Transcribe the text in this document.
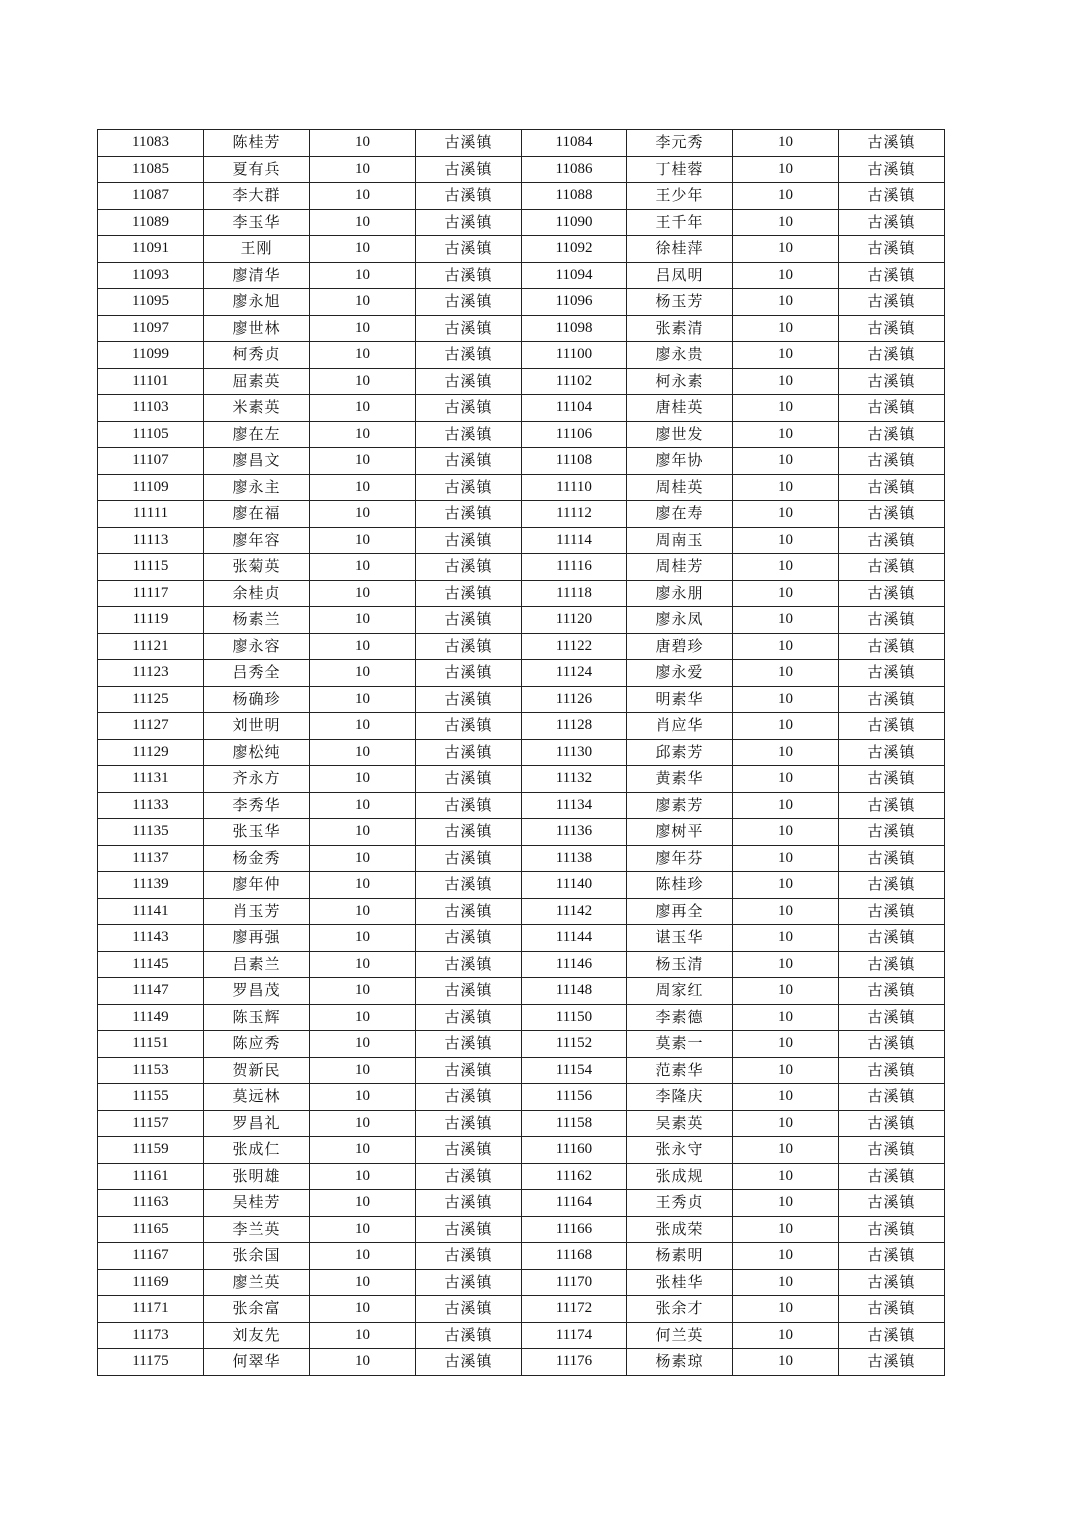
11083	陈桂芳	10	古溪镇	11084	李元秀	10	古溪镇
11085	夏有兵	10	古溪镇	11086	丁桂蓉	10	古溪镇
11087	李大群	10	古溪镇	11088	王少年	10	古溪镇
11089	李玉华	10	古溪镇	11090	王千年	10	古溪镇
11091	王刚	10	古溪镇	11092	徐桂萍	10	古溪镇
11093	廖清华	10	古溪镇	11094	吕凤明	10	古溪镇
11095	廖永旭	10	古溪镇	11096	杨玉芳	10	古溪镇
11097	廖世林	10	古溪镇	11098	张素清	10	古溪镇
11099	柯秀贞	10	古溪镇	11100	廖永贵	10	古溪镇
11101	屈素英	10	古溪镇	11102	柯永素	10	古溪镇
11103	米素英	10	古溪镇	11104	唐桂英	10	古溪镇
11105	廖在左	10	古溪镇	11106	廖世发	10	古溪镇
11107	廖昌文	10	古溪镇	11108	廖年协	10	古溪镇
11109	廖永主	10	古溪镇	11110	周桂英	10	古溪镇
11111	廖在福	10	古溪镇	11112	廖在寿	10	古溪镇
11113	廖年容	10	古溪镇	11114	周南玉	10	古溪镇
11115	张菊英	10	古溪镇	11116	周桂芳	10	古溪镇
11117	余桂贞	10	古溪镇	11118	廖永朋	10	古溪镇
11119	杨素兰	10	古溪镇	11120	廖永凤	10	古溪镇
11121	廖永容	10	古溪镇	11122	唐碧珍	10	古溪镇
11123	吕秀全	10	古溪镇	11124	廖永爱	10	古溪镇
11125	杨确珍	10	古溪镇	11126	明素华	10	古溪镇
11127	刘世明	10	古溪镇	11128	肖应华	10	古溪镇
11129	廖松纯	10	古溪镇	11130	邱素芳	10	古溪镇
11131	齐永方	10	古溪镇	11132	黄素华	10	古溪镇
11133	李秀华	10	古溪镇	11134	廖素芳	10	古溪镇
11135	张玉华	10	古溪镇	11136	廖树平	10	古溪镇
11137	杨金秀	10	古溪镇	11138	廖年芬	10	古溪镇
11139	廖年仲	10	古溪镇	11140	陈桂珍	10	古溪镇
11141	肖玉芳	10	古溪镇	11142	廖再全	10	古溪镇
11143	廖再强	10	古溪镇	11144	谌玉华	10	古溪镇
11145	吕素兰	10	古溪镇	11146	杨玉清	10	古溪镇
11147	罗昌茂	10	古溪镇	11148	周家红	10	古溪镇
11149	陈玉辉	10	古溪镇	11150	李素德	10	古溪镇
11151	陈应秀	10	古溪镇	11152	莫素一	10	古溪镇
11153	贺新民	10	古溪镇	11154	范素华	10	古溪镇
11155	莫远林	10	古溪镇	11156	李隆庆	10	古溪镇
11157	罗昌礼	10	古溪镇	11158	吴素英	10	古溪镇
11159	张成仁	10	古溪镇	11160	张永守	10	古溪镇
11161	张明雄	10	古溪镇	11162	张成规	10	古溪镇
11163	吴桂芳	10	古溪镇	11164	王秀贞	10	古溪镇
11165	李兰英	10	古溪镇	11166	张成荣	10	古溪镇
11167	张余国	10	古溪镇	11168	杨素明	10	古溪镇
11169	廖兰英	10	古溪镇	11170	张桂华	10	古溪镇
11171	张余富	10	古溪镇	11172	张余才	10	古溪镇
11173	刘友先	10	古溪镇	11174	何兰英	10	古溪镇
11175	何翠华	10	古溪镇	11176	杨素琼	10	古溪镇
